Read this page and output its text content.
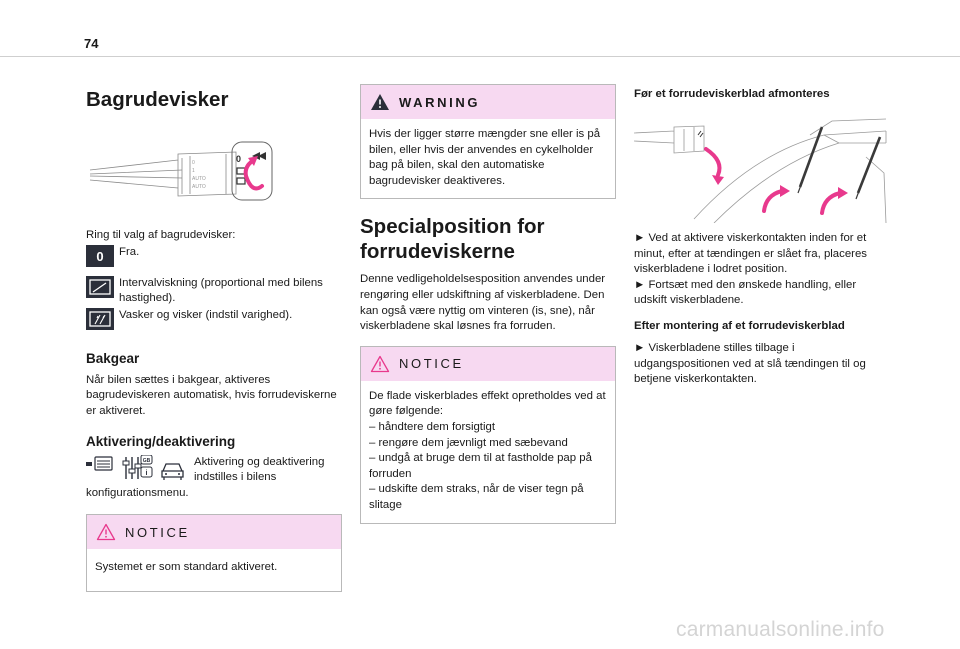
74
Bagrudevisker
0
1
AUTO
AUTO
0
Ring til valg af bagrudevisker:
0 Fra.
Intervalviskning (proportional med bilens hastighed).
Vasker og visker (indstil varighed).
Bakgear
Når bilen sættes i bakgear, aktiveres bagrudeviskeren automatisk, hvis forrudeviskerne er aktiveret.
Aktivering/deaktivering
GB
i
Aktivering og deaktivering indstilles i bilens
konfigurationsmenu.
NOTICE
Systemet er som standard aktiveret.
WARNING
Hvis der ligger større mængder sne eller is på bilen, eller hvis der anvendes en cykelholder bag på bilen, skal den automatiske bagrudevisker deaktiveres.
Specialposition for forrudeviskerne
Denne vedligeholdelsesposition anvendes under rengøring eller udskiftning af viskerbladene. Den kan også være nyttig om vinteren (is, sne), når viskerbladene skal løsnes fra forruden.
NOTICE
De flade viskerblades effekt opretholdes ved at gøre følgende:
– håndtere dem forsigtigt
– rengøre dem jævnligt med sæbevand
– undgå at bruge dem til at fastholde pap på forruden
– udskifte dem straks, når de viser tegn på slitage
Før et forrudeviskerblad afmonteres
► Ved at aktivere viskerkontakten inden for et minut, efter at tændingen er slået fra, placeres viskerbladene i lodret position.
► Fortsæt med den ønskede handling, eller udskift viskerbladene.
Efter montering af et forrudeviskerblad
► Viskerbladene stilles tilbage i udgangspositionen ved at slå tændingen til og betjene viskerkontakten.
carmanualsonline.info
